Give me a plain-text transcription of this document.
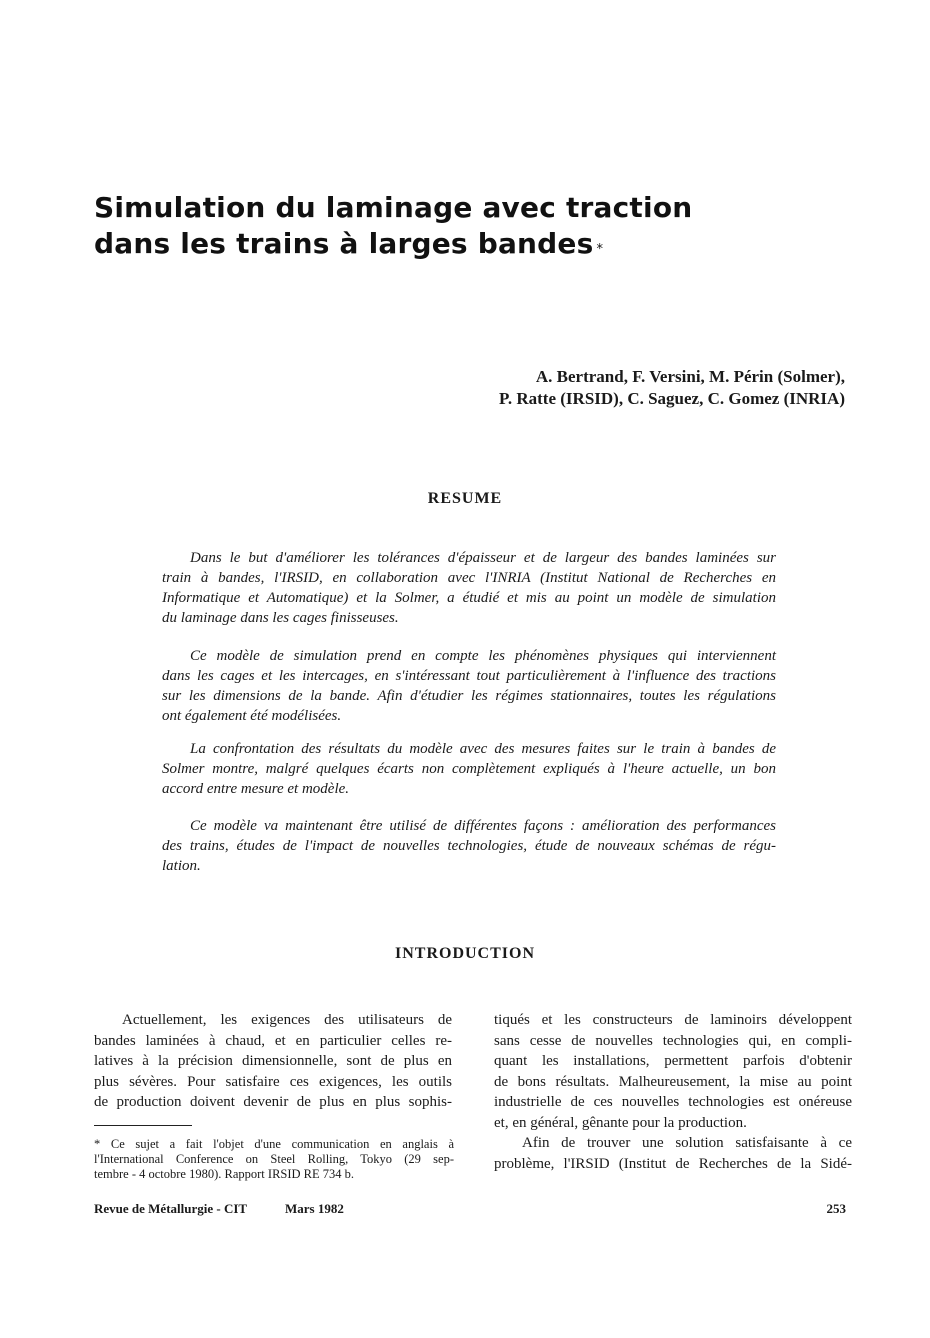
Simulation du laminage avec traction
dans les trains à larges bandes *
A. Bertrand, F. Versini, M. Périn (Solmer),
P. Ratte (IRSID), C. Saguez, C. Gomez (INRIA)
RESUME
Dans le but d'améliorer les tolérances d'épaisseur et de largeur des bandes laminées sur
train à bandes, l'IRSID, en collaboration avec l'INRIA (Institut National de Recherches en
Informatique et Automatique) et la Solmer, a étudié et mis au point un modèle de simulation
du laminage dans les cages finisseuses.
Ce modèle de simulation prend en compte les phénomènes physiques qui interviennent
dans les cages et les intercages, en s'intéressant tout particulièrement à l'influence des tractions
sur les dimensions de la bande. Afin d'étudier les régimes stationnaires, toutes les régulations
ont également été modélisées.
La confrontation des résultats du modèle avec des mesures faites sur le train à bandes de
Solmer montre, malgré quelques écarts non complètement expliqués à l'heure actuelle, un bon
accord entre mesure et modèle.
Ce modèle va maintenant être utilisé de différentes façons : amélioration des performances
des trains, études de l'impact de nouvelles technologies, étude de nouveaux schémas de régu-
lation.
INTRODUCTION
Actuellement, les exigences des utilisateurs de
bandes laminées à chaud, et en particulier celles re-
latives à la précision dimensionnelle, sont de plus en
plus sévères. Pour satisfaire ces exigences, les outils
de production doivent devenir de plus en plus sophis-
tiqués et les constructeurs de laminoirs développent
sans cesse de nouvelles technologies qui, en compli-
quant les installations, permettent parfois d'obtenir
de bons résultats. Malheureusement, la mise au point
industrielle de ces nouvelles technologies est onéreuse
et, en général, gênante pour la production.
Afin de trouver une solution satisfaisante à ce
problème, l'IRSID (Institut de Recherches de la Sidé-
* Ce sujet a fait l'objet d'une communication en anglais à
l'International Conference on Steel Rolling, Tokyo (29 sep-
tembre - 4 octobre 1980). Rapport IRSID RE 734 b.
Revue de Métallurgie - CIT	Mars 1982	253
